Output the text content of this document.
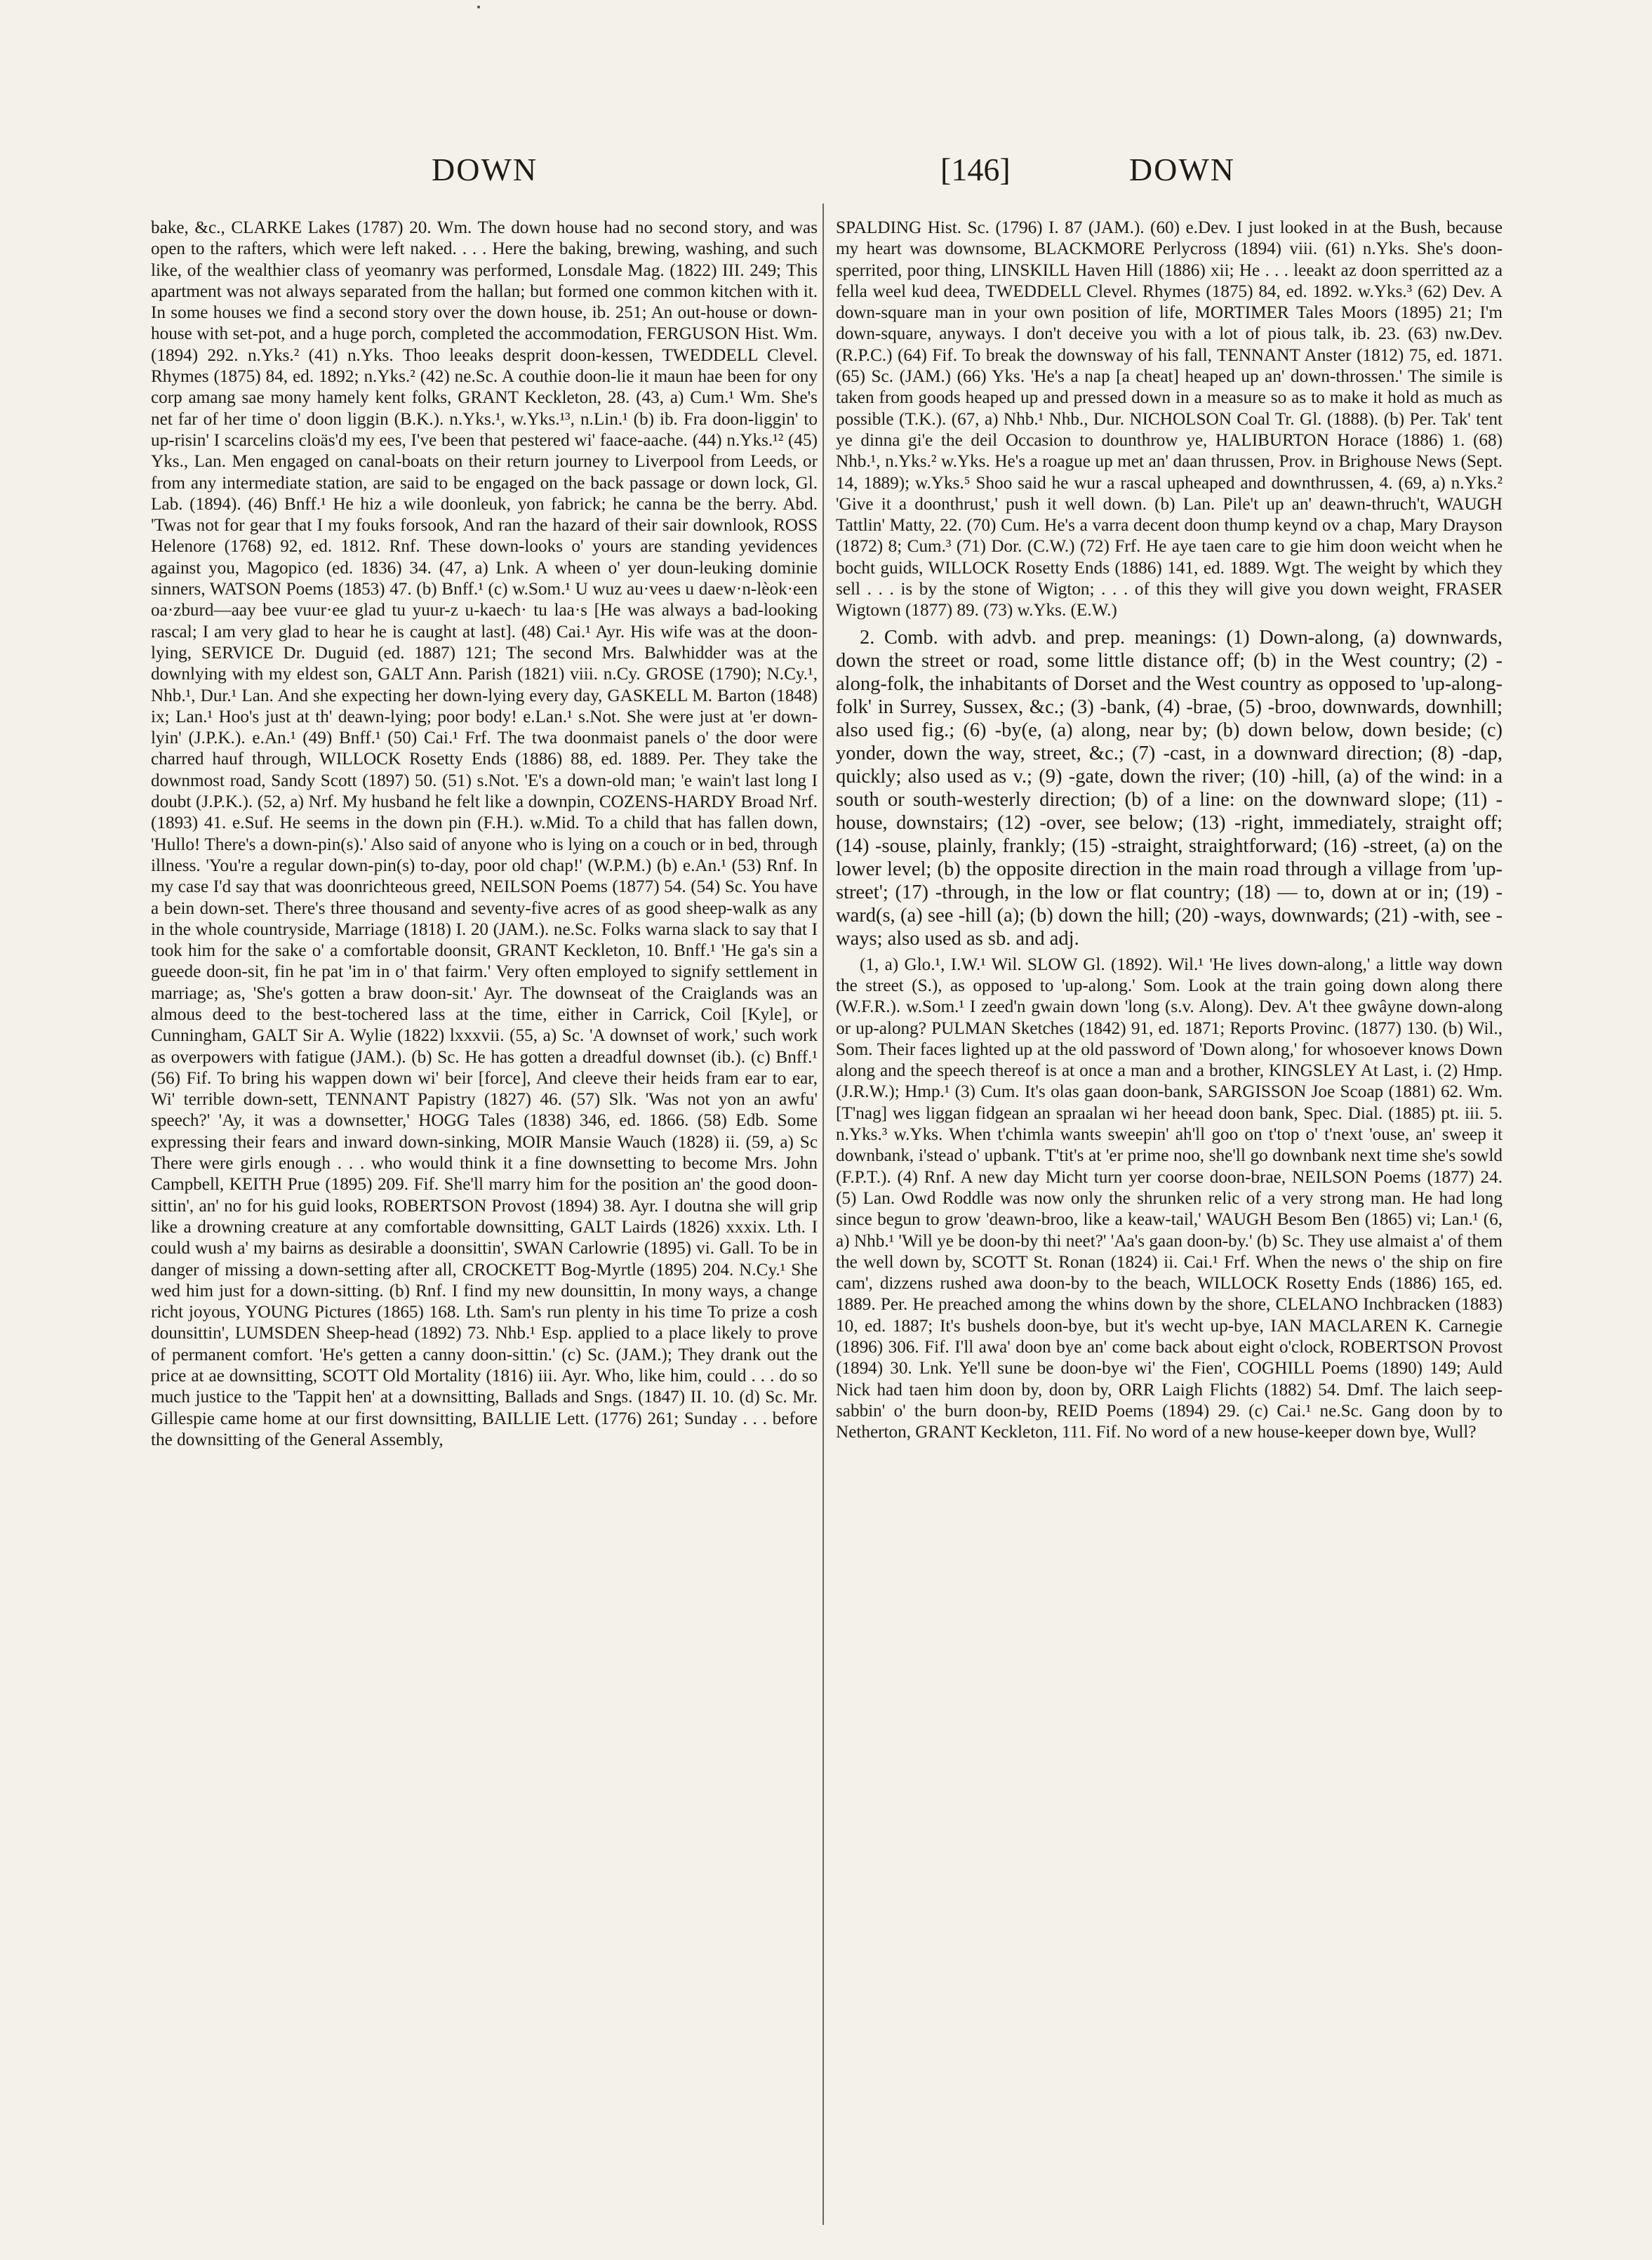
DOWN	[146]	DOWN

bake, &c., CLARKE Lakes (1787) 20. Wm. The down house had no second story, and was open to the rafters, which were left naked. . . . Here the baking, brewing, washing, and such like, of the wealthier class of yeomanry was performed, Lonsdale Mag. (1822) III. 249; This apartment was not always separated from the hallan; but formed one common kitchen with it. In some houses we find a second story over the down house, ib. 251; An out-house or down-house with set-pot, and a huge porch, completed the accommodation, FERGUSON Hist. Wm. (1894) 292. n.Yks.² (41) n.Yks. Thoo leeaks desprit doon-kessen, TWEDDELL Clevel. Rhymes (1875) 84, ed. 1892; n.Yks.² (42) ne.Sc. A couthie doon-lie it maun hae been for ony corp amang sae mony hamely kent folks, GRANT Keckleton, 28. (43, a) Cum.¹ Wm. She's net far of her time o' doon liggin (B.K.). n.Yks.¹, w.Yks.¹³, n.Lin.¹ (b) ib. Fra doon-liggin' to up-risin' I scarcelins cloäs'd my ees, I've been that pestered wi' faace-aache. (44) n.Yks.¹² (45) Yks., Lan. Men engaged on canal-boats on their return journey to Liverpool from Leeds, or from any intermediate station, are said to be engaged on the back passage or down lock, Gl. Lab. (1894). (46) Bnff.¹ He hiz a wile doonleuk, yon fabrick; he canna be the berry. Abd. 'Twas not for gear that I my fouks forsook, And ran the hazard of their sair downlook, ROSS Helenore (1768) 92, ed. 1812. Rnf. These down-looks o' yours are standing yevidences against you, Magopico (ed. 1836) 34. (47, a) Lnk. A wheen o' yer doun-leuking dominie sinners, WATSON Poems (1853) 47. (b) Bnff.¹ (c) w.Som.¹ U wuz au·vees u daew·n-lèok·een oa·zburd—aay bee vuur·ee glad tu yuur-z u-kaech· tu laa·s [He was always a bad-looking rascal; I am very glad to hear he is caught at last]. (48) Cai.¹ Ayr. His wife was at the doon-lying, SERVICE Dr. Duguid (ed. 1887) 121; The second Mrs. Balwhidder was at the downlying with my eldest son, GALT Ann. Parish (1821) viii. n.Cy. GROSE (1790); N.Cy.¹, Nhb.¹, Dur.¹ Lan. And she expecting her down-lying every day, GASKELL M. Barton (1848) ix; Lan.¹ Hoo's just at th' deawn-lying; poor body! e.Lan.¹ s.Not. She were just at 'er down-lyin' (J.P.K.). e.An.¹ (49) Bnff.¹ (50) Cai.¹ Frf. The twa doonmaist panels o' the door were charred hauf through, WILLOCK Rosetty Ends (1886) 88, ed. 1889. Per. They take the downmost road, Sandy Scott (1897) 50. (51) s.Not. 'E's a down-old man; 'e wain't last long I doubt (J.P.K.). (52, a) Nrf. My husband he felt like a downpin, COZENS-HARDY Broad Nrf. (1893) 41. e.Suf. He seems in the down pin (F.H.). w.Mid. To a child that has fallen down, 'Hullo! There's a down-pin(s).' Also said of anyone who is lying on a couch or in bed, through illness. 'You're a regular down-pin(s) to-day, poor old chap!' (W.P.M.) (b) e.An.¹ (53) Rnf. In my case I'd say that was doonrichteous greed, NEILSON Poems (1877) 54. (54) Sc. You have a bein down-set. There's three thousand and seventy-five acres of as good sheep-walk as any in the whole countryside, Marriage (1818) I. 20 (JAM.). ne.Sc. Folks warna slack to say that I took him for the sake o' a comfortable doonsit, GRANT Keckleton, 10. Bnff.¹ 'He ga's sin a gueede doon-sit, fin he pat 'im in o' that fairm.' Very often employed to signify settlement in marriage; as, 'She's gotten a braw doon-sit.' Ayr. The downseat of the Craiglands was an almous deed to the best-tochered lass at the time, either in Carrick, Coil [Kyle], or Cunningham, GALT Sir A. Wylie (1822) lxxxvii. (55, a) Sc. 'A downset of work,' such work as overpowers with fatigue (JAM.). (b) Sc. He has gotten a dreadful downset (ib.). (c) Bnff.¹ (56) Fif. To bring his wappen down wi' beir [force], And cleeve their heids fram ear to ear, Wi' terrible down-sett, TENNANT Papistry (1827) 46. (57) Slk. 'Was not yon an awfu' speech?' 'Ay, it was a downsetter,' HOGG Tales (1838) 346, ed. 1866. (58) Edb. Some expressing their fears and inward down-sinking, MOIR Mansie Wauch (1828) ii. (59, a) Sc There were girls enough . . . who would think it a fine downsetting to become Mrs. John Campbell, KEITH Prue (1895) 209. Fif. She'll marry him for the position an' the good doon-sittin', an' no for his guid looks, ROBERTSON Provost (1894) 38. Ayr. I doutna she will grip like a drowning creature at any comfortable downsitting, GALT Lairds (1826) xxxix. Lth. I could wush a' my bairns as desirable a doonsittin', SWAN Carlowrie (1895) vi. Gall. To be in danger of missing a down-setting after all, CROCKETT Bog-Myrtle (1895) 204. N.Cy.¹ She wed him just for a down-sitting. (b) Rnf. I find my new dounsittin, In mony ways, a change richt joyous, YOUNG Pictures (1865) 168. Lth. Sam's run plenty in his time To prize a cosh dounsittin', LUMSDEN Sheep-head (1892) 73. Nhb.¹ Esp. applied to a place likely to prove of permanent comfort. 'He's getten a canny doon-sittin.' (c) Sc. (JAM.); They drank out the price at ae downsitting, SCOTT Old Mortality (1816) iii. Ayr. Who, like him, could . . . do so much justice to the 'Tappit hen' at a downsitting, Ballads and Sngs. (1847) II. 10. (d) Sc. Mr. Gillespie came home at our first downsitting, BAILLIE Lett. (1776) 261; Sunday . . . before the downsitting of the General Assembly,

SPALDING Hist. Sc. (1796) I. 87 (JAM.). (60) e.Dev. I just looked in at the Bush, because my heart was downsome, BLACKMORE Perlycross (1894) viii. (61) n.Yks. She's doon-sperrited, poor thing, LINSKILL Haven Hill (1886) xii; He . . . leeakt az doon sperritted az a fella weel kud deea, TWEDDELL Clevel. Rhymes (1875) 84, ed. 1892. w.Yks.³ (62) Dev. A down-square man in your own position of life, MORTIMER Tales Moors (1895) 21; I'm down-square, anyways. I don't deceive you with a lot of pious talk, ib. 23. (63) nw.Dev. (R.P.C.) (64) Fif. To break the downsway of his fall, TENNANT Anster (1812) 75, ed. 1871. (65) Sc. (JAM.) (66) Yks. 'He's a nap [a cheat] heaped up an' down-throssen.' The simile is taken from goods heaped up and pressed down in a measure so as to make it hold as much as possible (T.K.). (67, a) Nhb.¹ Nhb., Dur. NICHOLSON Coal Tr. Gl. (1888). (b) Per. Tak' tent ye dinna gi'e the deil Occasion to dounthrow ye, HALIBURTON Horace (1886) 1. (68) Nhb.¹, n.Yks.² w.Yks. He's a roague up met an' daan thrussen, Prov. in Brighouse News (Sept. 14, 1889); w.Yks.⁵ Shoo said he wur a rascal upheaped and downthrussen, 4. (69, a) n.Yks.² 'Give it a doonthrust,' push it well down. (b) Lan. Pile't up an' deawn-thruch't, WAUGH Tattlin' Matty, 22. (70) Cum. He's a varra decent doon thump keynd ov a chap, Mary Drayson (1872) 8; Cum.³ (71) Dor. (C.W.) (72) Frf. He aye taen care to gie him doon weicht when he bocht guids, WILLOCK Rosetty Ends (1886) 141, ed. 1889. Wgt. The weight by which they sell . . . is by the stone of Wigton; . . . of this they will give you down weight, FRASER Wigtown (1877) 89. (73) w.Yks. (E.W.)

2. Comb. with advb. and prep. meanings: (1) Down-along, (a) downwards, down the street or road, some little distance off; (b) in the West country; (2) -along-folk, the inhabitants of Dorset and the West country as opposed to 'up-along-folk' in Surrey, Sussex, &c.; (3) -bank, (4) -brae, (5) -broo, downwards, downhill; also used fig.; (6) -by(e, (a) along, near by; (b) down below, down beside; (c) yonder, down the way, street, &c.; (7) -cast, in a downward direction; (8) -dap, quickly; also used as v.; (9) -gate, down the river; (10) -hill, (a) of the wind: in a south or south-westerly direction; (b) of a line: on the downward slope; (11) -house, downstairs; (12) -over, see below; (13) -right, immediately, straight off; (14) -souse, plainly, frankly; (15) -straight, straightforward; (16) -street, (a) on the lower level; (b) the opposite direction in the main road through a village from 'up-street'; (17) -through, in the low or flat country; (18) — to, down at or in; (19) -ward(s, (a) see -hill (a); (b) down the hill; (20) -ways, downwards; (21) -with, see -ways; also used as sb. and adj.

(1, a) Glo.¹, I.W.¹ Wil. SLOW Gl. (1892). Wil.¹ 'He lives down-along,' a little way down the street (S.), as opposed to 'up-along.' Som. Look at the train going down along there (W.F.R.). w.Som.¹ I zeed'n gwain down 'long (s.v. Along). Dev. A't thee gwâyne down-along or up-along? PULMAN Sketches (1842) 91, ed. 1871; Reports Provinc. (1877) 130. (b) Wil., Som. Their faces lighted up at the old password of 'Down along,' for whosoever knows Down along and the speech thereof is at once a man and a brother, KINGSLEY At Last, i. (2) Hmp. (J.R.W.); Hmp.¹ (3) Cum. It's olas gaan doon-bank, SARGISSON Joe Scoap (1881) 62. Wm. [T'nag] wes liggan fidgean an spraalan wi her heead doon bank, Spec. Dial. (1885) pt. iii. 5. n.Yks.³ w.Yks. When t'chimla wants sweepin' ah'll goo on t'top o' t'next 'ouse, an' sweep it downbank, i'stead o' upbank. T'tit's at 'er prime noo, she'll go downbank next time she's sowld (F.P.T.). (4) Rnf. A new day Micht turn yer coorse doon-brae, NEILSON Poems (1877) 24. (5) Lan. Owd Roddle was now only the shrunken relic of a very strong man. He had long since begun to grow 'deawn-broo, like a keaw-tail,' WAUGH Besom Ben (1865) vi; Lan.¹ (6, a) Nhb.¹ 'Will ye be doon-by thi neet?' 'Aa's gaan doon-by.' (b) Sc. They use almaist a' of them the well down by, SCOTT St. Ronan (1824) ii. Cai.¹ Frf. When the news o' the ship on fire cam', dizzens rushed awa doon-by to the beach, WILLOCK Rosetty Ends (1886) 165, ed. 1889. Per. He preached among the whins down by the shore, CLELANO Inchbracken (1883) 10, ed. 1887; It's bushels doon-bye, but it's wecht up-bye, IAN MACLAREN K. Carnegie (1896) 306. Fif. I'll awa' doon bye an' come back about eight o'clock, ROBERTSON Provost (1894) 30. Lnk. Ye'll sune be doon-bye wi' the Fien', COGHILL Poems (1890) 149; Auld Nick had taen him doon by, doon by, ORR Laigh Flichts (1882) 54. Dmf. The laich seep-sabbin' o' the burn doon-by, REID Poems (1894) 29. (c) Cai.¹ ne.Sc. Gang doon by to Netherton, GRANT Keckleton, 111. Fif. No word of a new house-keeper down bye, Wull?
